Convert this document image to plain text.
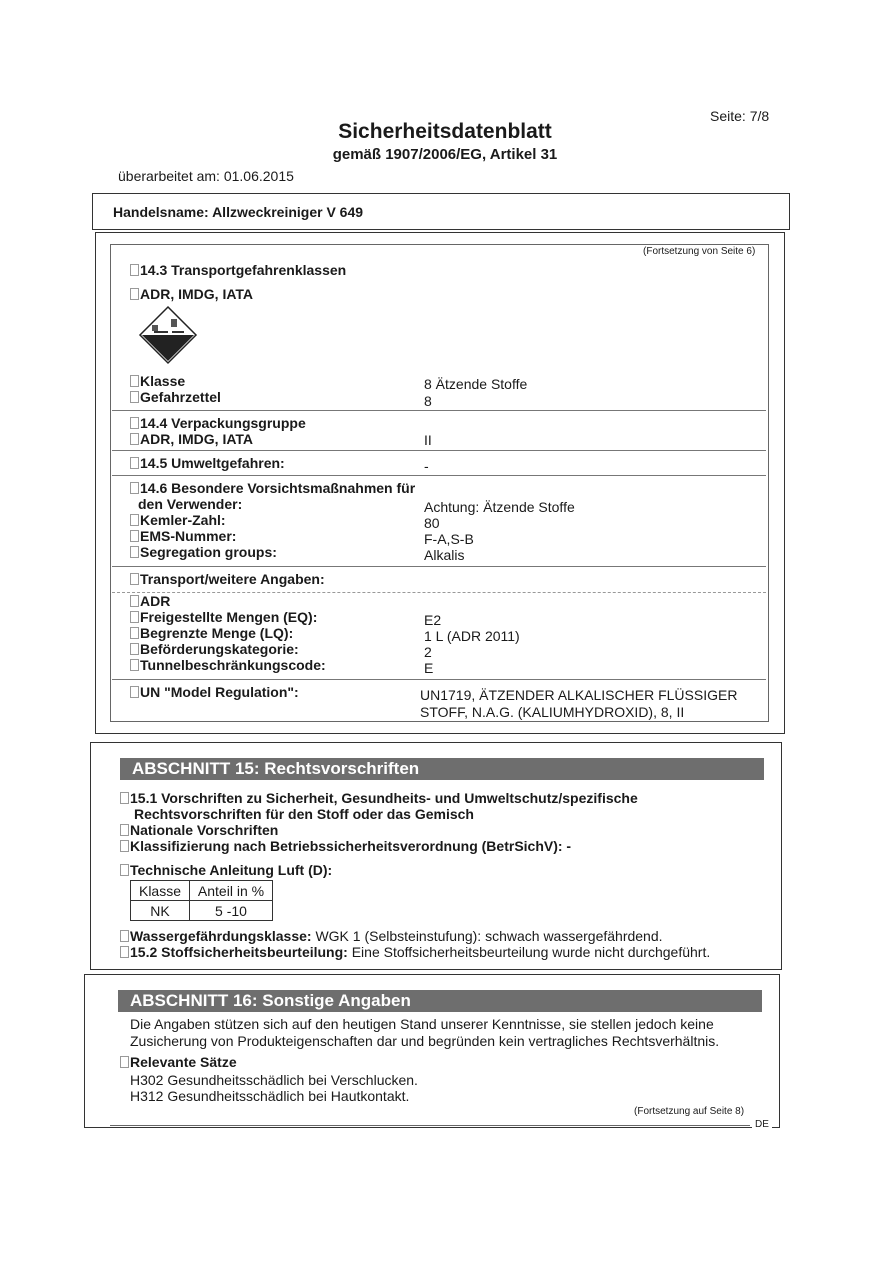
Seite: 7/8
Sicherheitsdatenblatt
gemäß 1907/2006/EG, Artikel 31
überarbeitet am: 01.06.2015
Handelsname: Allzweckreiniger V 649
(Fortsetzung von Seite 6)
14.3 Transportgefahrenklassen
ADR, IMDG, IATA
Klasse	8 Ätzende Stoffe
Gefahrzettel	8
14.4 Verpackungsgruppe
ADR, IMDG, IATA	II
14.5 Umweltgefahren:	-
14.6 Besondere Vorsichtsmaßnahmen für
den Verwender:	Achtung: Ätzende Stoffe
Kemler-Zahl:	80
EMS-Nummer:	F-A,S-B
Segregation groups:	Alkalis
Transport/weitere Angaben:
ADR
Freigestellte Mengen (EQ):	E2
Begrenzte Menge (LQ):	1 L (ADR 2011)
Beförderungskategorie:	2
Tunnelbeschränkungscode:	E
UN "Model Regulation":	UN1719, ÄTZENDER ALKALISCHER FLÜSSIGER
STOFF, N.A.G. (KALIUMHYDROXID), 8, II
ABSCHNITT 15: Rechtsvorschriften
15.1 Vorschriften zu Sicherheit, Gesundheits- und Umweltschutz/spezifische
Rechtsvorschriften für den Stoff oder das Gemisch
Nationale Vorschriften
Klassifizierung nach Betriebssicherheitsverordnung (BetrSichV): -
Technische Anleitung Luft (D):
Klasse	Anteil in %
NK	5 -10
Wassergefährdungsklasse: WGK 1 (Selbsteinstufung): schwach wassergefährdend.
15.2 Stoffsicherheitsbeurteilung: Eine Stoffsicherheitsbeurteilung wurde nicht durchgeführt.
ABSCHNITT 16: Sonstige Angaben
Die Angaben stützen sich auf den heutigen Stand unserer Kenntnisse, sie stellen jedoch keine
Zusicherung von Produkteigenschaften dar und begründen kein vertragliches Rechtsverhältnis.
Relevante Sätze
H302 Gesundheitsschädlich bei Verschlucken.
H312 Gesundheitsschädlich bei Hautkontakt.
(Fortsetzung auf Seite 8)
DE
